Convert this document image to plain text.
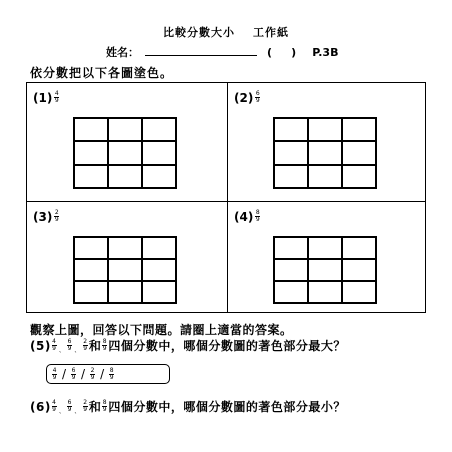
比較分數大小 工作紙
姓名：	(     ) P.3B
依分數把以下各圖塗色。
$(1) \frac{4}{9}$	$(2) \frac{6}{9}$
$(3) \frac{2}{9}$	$(4) \frac{8}{9}$
觀察上圖，回答以下問題。請圈上適當的答案。
$(5) \frac{4}{9}$ 、 $\frac{6}{9}$ 、 $\frac{2}{9}$ 和 $\frac{8}{9}$ 四個分數中，哪個分數圖的著色部分最大？
$\frac{4}{9} / \frac{6}{9} / \frac{2}{9} / \frac{8}{9}$
$(6) \frac{4}{9}$ 、 $\frac{6}{9}$ 、 $\frac{2}{9}$ 和 $\frac{8}{9}$ 四個分數中，哪個分數圖的著色部分最小？
